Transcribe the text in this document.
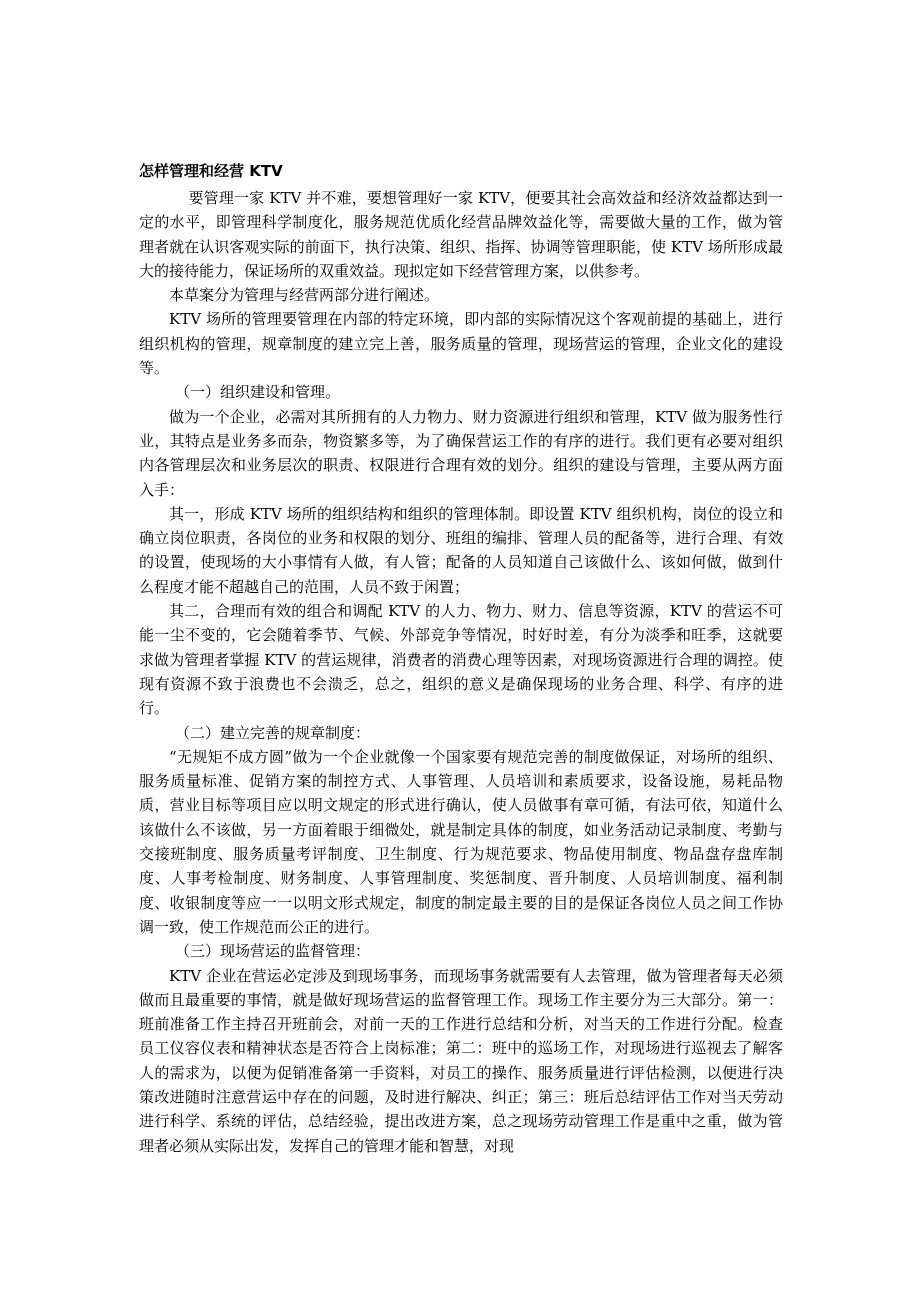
怎样管理和经营 KTV

要管理一家 KTV 并不难，要想管理好一家 KTV，便要其社会高效益和经济效益都达到一定的水平，即管理科学制度化，服务规范优质化经营品牌效益化等，需要做大量的工作，做为管理者就在认识客观实际的前面下，执行决策、组织、指挥、协调等管理职能，使 KTV 场所形成最大的接待能力，保证场所的双重效益。现拟定如下经营管理方案，以供参考。

本草案分为管理与经营两部分进行阐述。

KTV 场所的管理要管理在内部的特定环境，即内部的实际情况这个客观前提的基础上，进行组织机构的管理，规章制度的建立完上善，服务质量的管理，现场营运的管理，企业文化的建设等。

（一）组织建设和管理。

做为一个企业，必需对其所拥有的人力物力、财力资源进行组织和管理，KTV 做为服务性行业，其特点是业务多而杂，物资繁多等，为了确保营运工作的有序的进行。我们更有必要对组织内各管理层次和业务层次的职责、权限进行合理有效的划分。组织的建设与管理，主要从两方面入手：

其一，形成 KTV 场所的组织结构和组织的管理体制。即设置 KTV 组织机构，岗位的设立和确立岗位职责，各岗位的业务和权限的划分、班组的编排、管理人员的配备等，进行合理、有效的设置，使现场的大小事情有人做，有人管；配备的人员知道自己该做什么、该如何做，做到什么程度才能不超越自己的范围，人员不致于闲置；

其二，合理而有效的组合和调配 KTV 的人力、物力、财力、信息等资源，KTV 的营运不可能一尘不变的，它会随着季节、气候、外部竞争等情况，时好时差，有分为淡季和旺季，这就要求做为管理者掌握 KTV 的营运规律，消费者的消费心理等因素，对现场资源进行合理的调控。使现有资源不致于浪费也不会溃乏，总之，组织的意义是确保现场的业务合理、科学、有序的进行。

（二）建立完善的规章制度：

“无规矩不成方圆”做为一个企业就像一个国家要有规范完善的制度做保证，对场所的组织、服务质量标准、促销方案的制控方式、人事管理、人员培训和素质要求，设备设施，易耗品物质，营业目标等项目应以明文规定的形式进行确认，使人员做事有章可循，有法可依，知道什么该做什么不该做，另一方面着眼于细微处，就是制定具体的制度，如业务活动记录制度、考勤与交接班制度、服务质量考评制度、卫生制度、行为规范要求、物品使用制度、物品盘存盘库制度、人事考检制度、财务制度、人事管理制度、奖惩制度、晋升制度、人员培训制度、福利制度、收银制度等应一一以明文形式规定，制度的制定最主要的目的是保证各岗位人员之间工作协调一致，使工作规范而公正的进行。

（三）现场营运的监督管理：

KTV 企业在营运必定涉及到现场事务，而现场事务就需要有人去管理，做为管理者每天必须做而且最重要的事情，就是做好现场营运的监督管理工作。现场工作主要分为三大部分。第一：班前准备工作主持召开班前会，对前一天的工作进行总结和分析，对当天的工作进行分配。检查员工仪容仪表和精神状态是否符合上岗标准；第二：班中的巡场工作，对现场进行巡视去了解客人的需求为，以便为促销准备第一手资料，对员工的操作、服务质量进行评估检测，以便进行决策改进随时注意营运中存在的问题，及时进行解决、纠正；第三：班后总结评估工作对当天劳动进行科学、系统的评估，总结经验，提出改进方案，总之现场劳动管理工作是重中之重，做为管理者必须从实际出发，发挥自己的管理才能和智慧，对现
